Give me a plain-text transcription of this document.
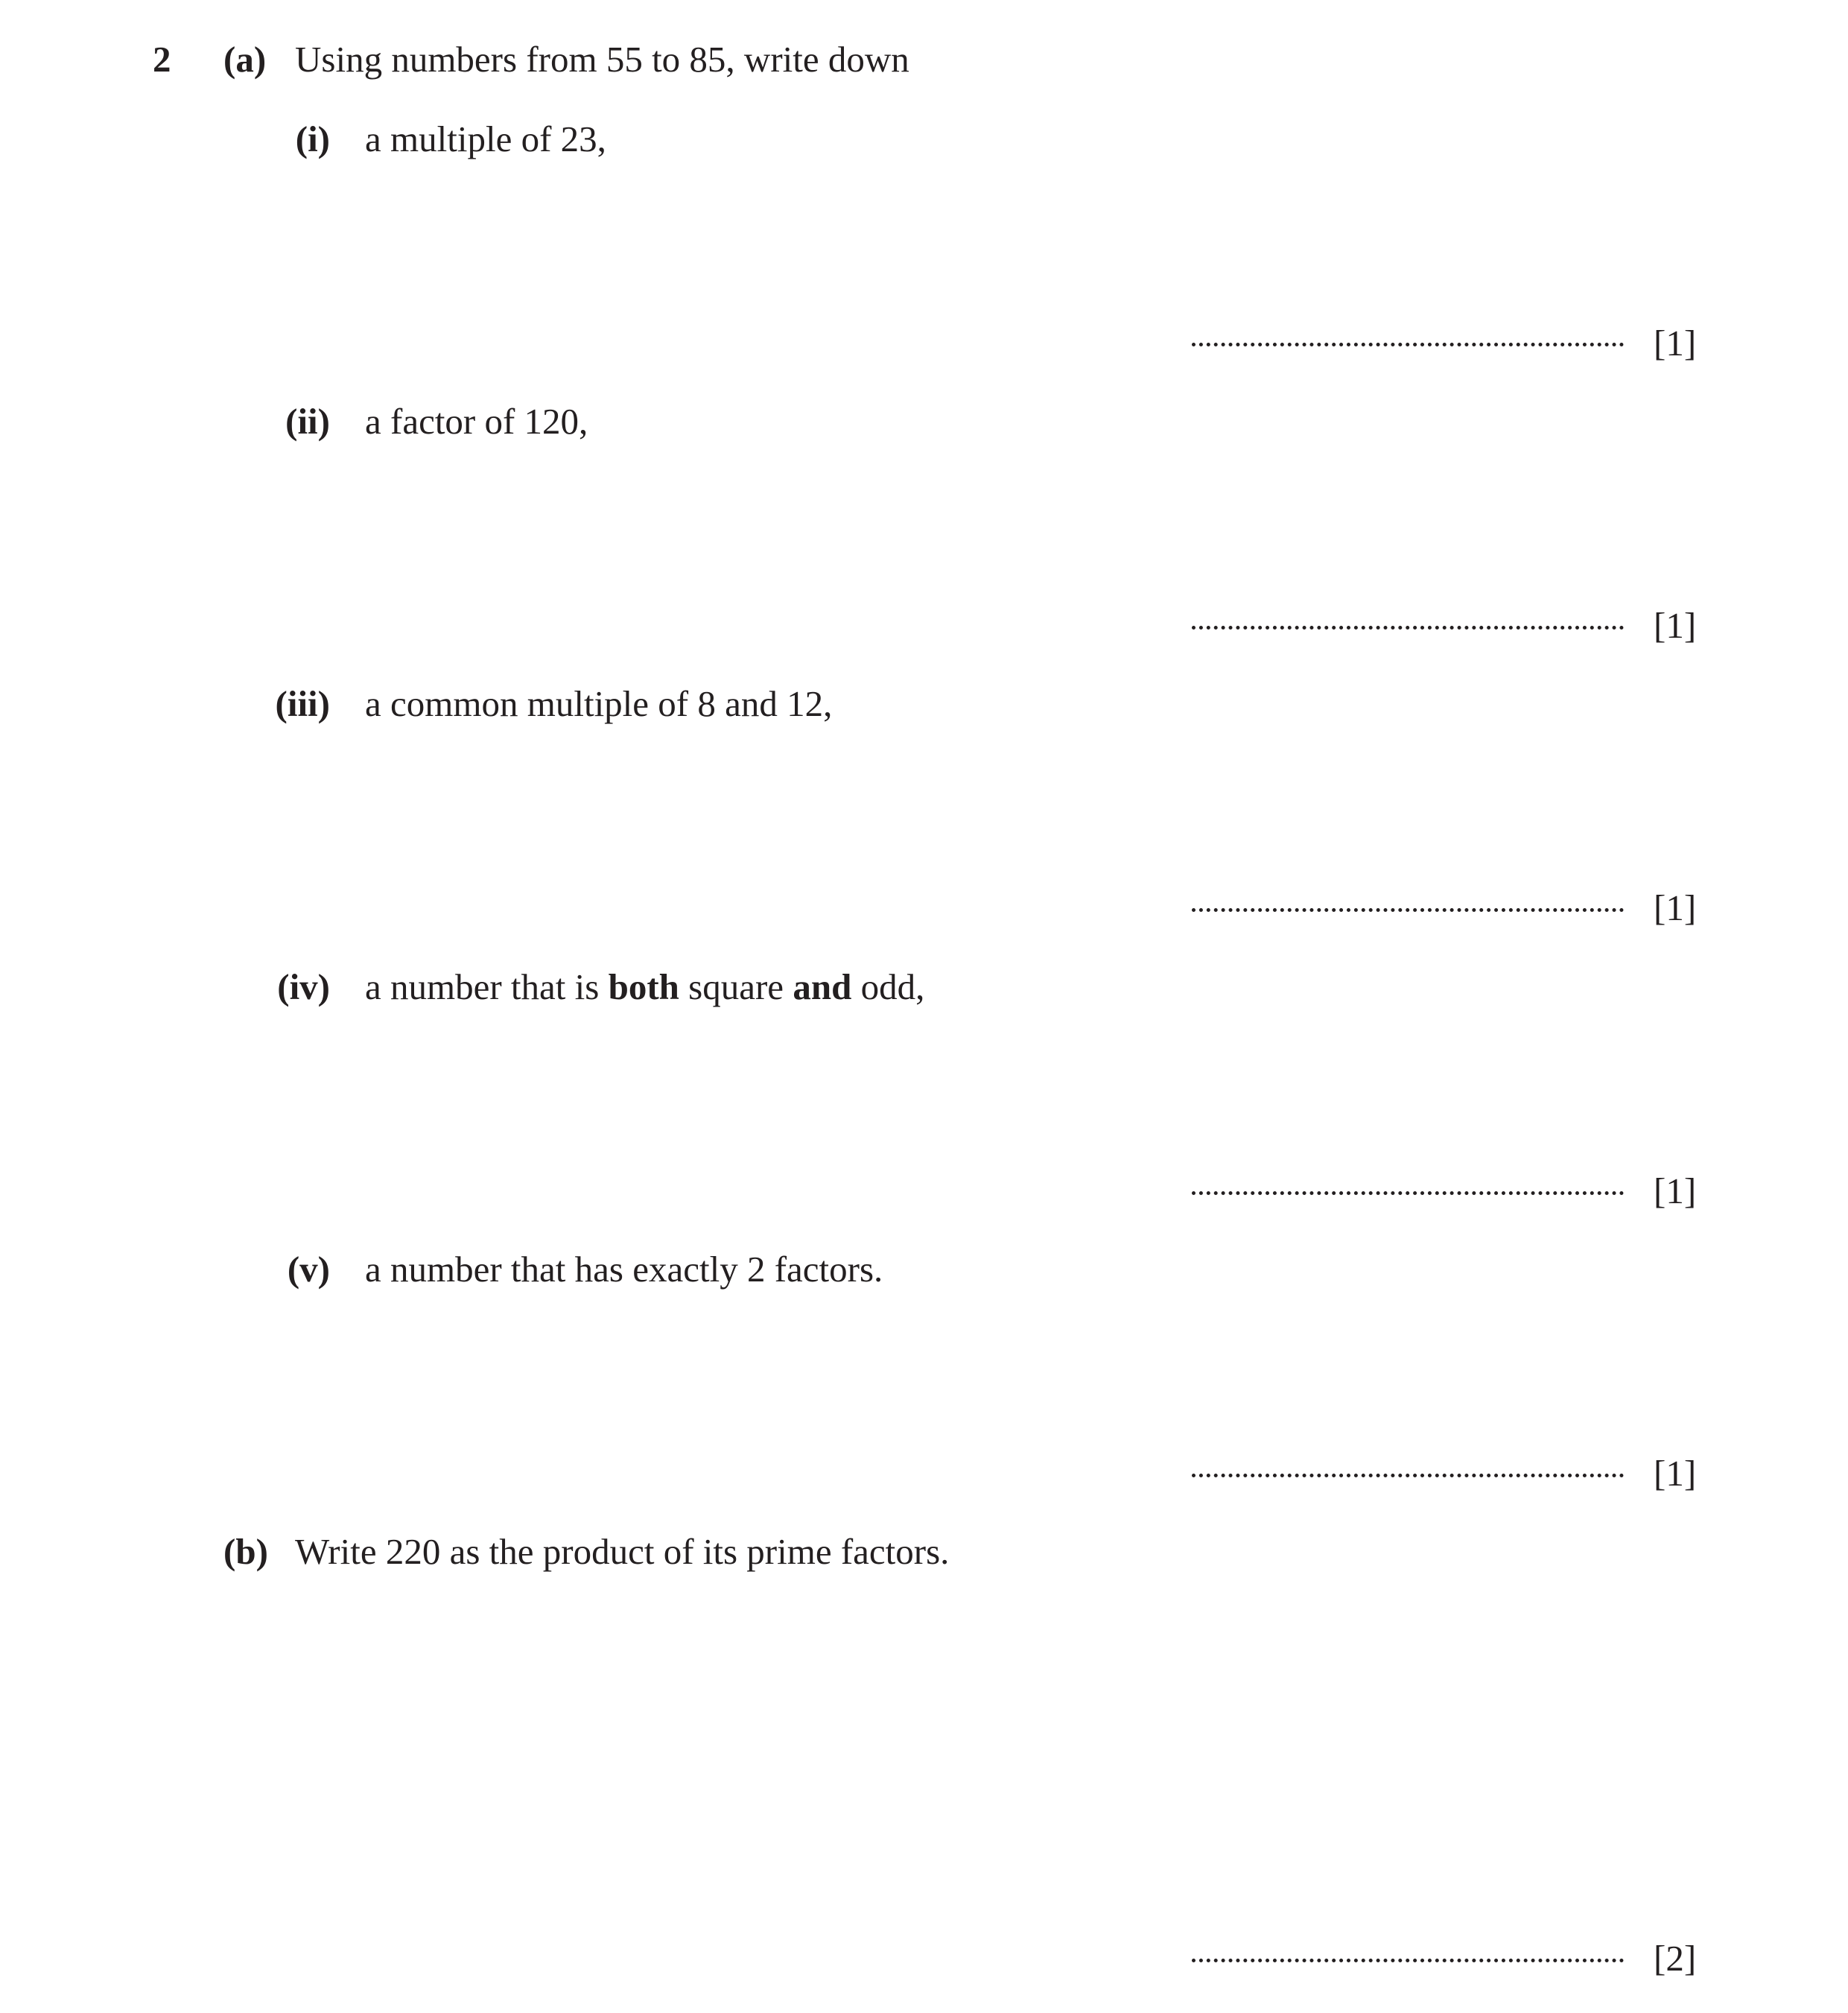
2 (a) Using numbers from 55 to 85, write down
(i) a multiple of 23,
[1]
(ii) a factor of 120,
[1]
(iii) a common multiple of 8 and 12,
[1]
(iv) a number that is both square and odd,
[1]
(v) a number that has exactly 2 factors.
[1]
(b) Write 220 as the product of its prime factors.
[2]
